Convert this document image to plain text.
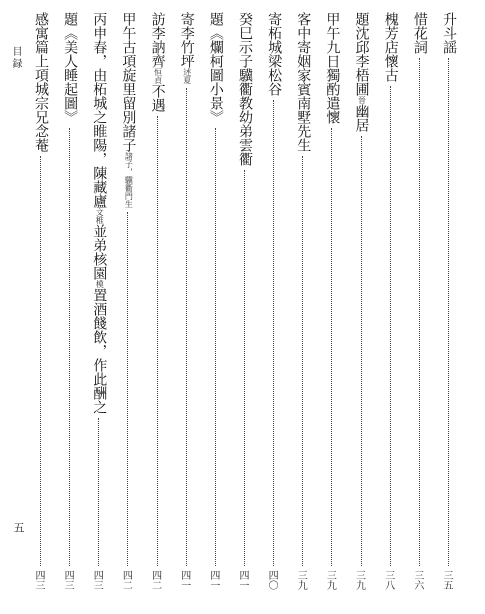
目録
五
升斗謡
三五
惜花詞
三六
槐芳店懷古
三八
題沈邱李梧圃晉幽居
三九
甲午九日獨酌遣懷
三九
客中寄姻家賓南墅先生
三九
寄柘城梁松谷
四〇
癸巳示子驥衢教幼弟雲衢
四一
題《爛柯圖小景》
四一
寄李竹坪述夏
四一
訪李訥齊恒貞不遇
四二
甲午古項旋里留別諸子諸子，驥衢門生
四二
丙申春，由柘城之睢陽，陳藏廬文稚並弟核園模置酒餞飲，作此酬之
四三
題《美人睡起圖》
四三
感寓篇上項城宗兄念菴
四三
